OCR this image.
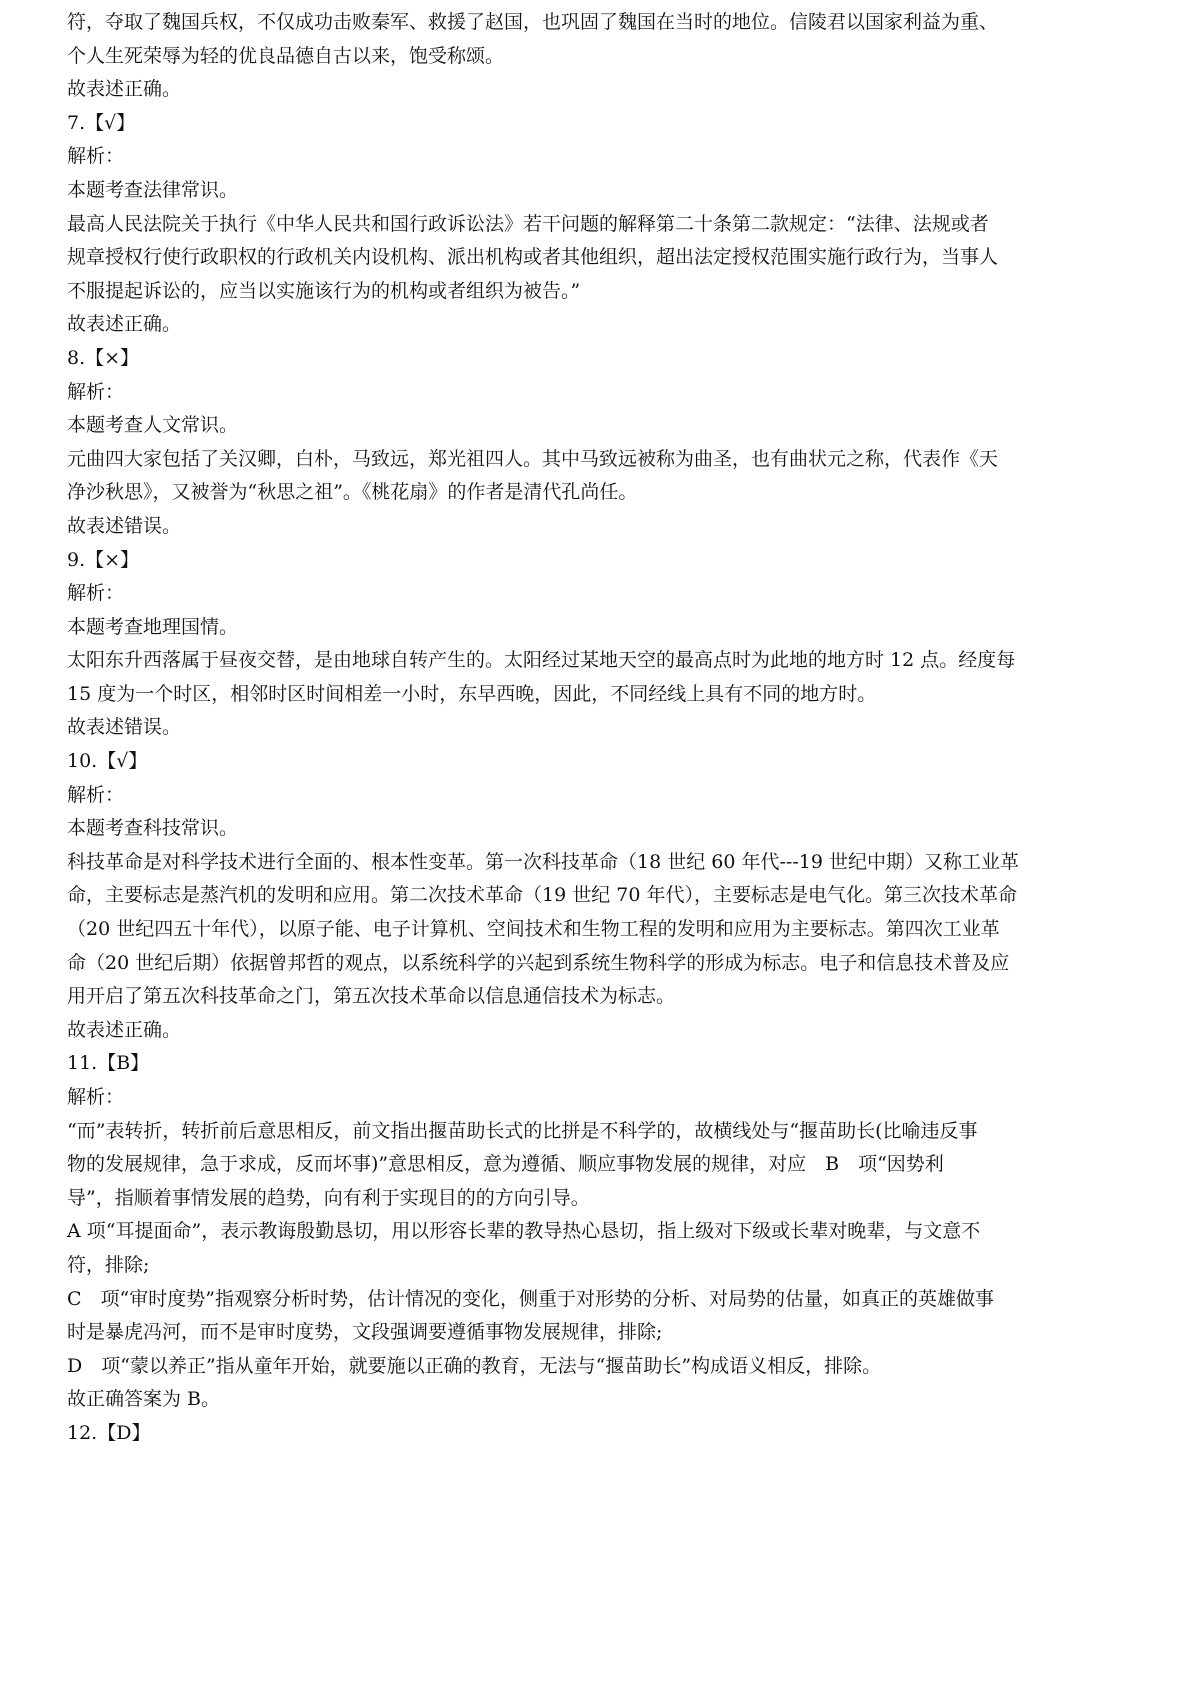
符，夺取了魏国兵权，不仅成功击败秦军、救援了赵国，也巩固了魏国在当时的地位。信陵君以国家利益为重、
个人生死荣辱为轻的优良品德自古以来，饱受称颂。
故表述正确。
7.【√】
解析：
本题考查法律常识。
最高人民法院关于执行《中华人民共和国行政诉讼法》若干问题的解释第二十条第二款规定：“法律、法规或者
规章授权行使行政职权的行政机关内设机构、派出机构或者其他组织，超出法定授权范围实施行政行为，当事人
不服提起诉讼的，应当以实施该行为的机构或者组织为被告。”
故表述正确。
8.【×】
解析：
本题考查人文常识。
元曲四大家包括了关汉卿，白朴，马致远，郑光祖四人。其中马致远被称为曲圣，也有曲状元之称，代表作《天
净沙秋思》，又被誉为“秋思之祖”。《桃花扇》的作者是清代孔尚任。
故表述错误。
9.【×】
解析：
本题考查地理国情。
太阳东升西落属于昼夜交替，是由地球自转产生的。太阳经过某地天空的最高点时为此地的地方时 12 点。经度每
15 度为一个时区，相邻时区时间相差一小时，东早西晚，因此，不同经线上具有不同的地方时。
故表述错误。
10.【√】
解析：
本题考查科技常识。
科技革命是对科学技术进行全面的、根本性变革。第一次科技革命（18 世纪 60 年代---19 世纪中期）又称工业革
命，主要标志是蒸汽机的发明和应用。第二次技术革命（19 世纪 70 年代），主要标志是电气化。第三次技术革命
（20 世纪四五十年代），以原子能、电子计算机、空间技术和生物工程的发明和应用为主要标志。第四次工业革
命（20 世纪后期）依据曾邦哲的观点，以系统科学的兴起到系统生物科学的形成为标志。电子和信息技术普及应
用开启了第五次科技革命之门，第五次技术革命以信息通信技术为标志。
故表述正确。
11.【B】
解析：
“而”表转折，转折前后意思相反，前文指出揠苗助长式的比拼是不科学的，故横线处与“揠苗助长(比喻违反事
物的发展规律，急于求成，反而坏事)”意思相反，意为遵循、顺应事物发展的规律，对应　B　项“因势利
导”，指顺着事情发展的趋势，向有利于实现目的的方向引导。
A 项“耳提面命”，表示教诲殷勤恳切，用以形容长辈的教导热心恳切，指上级对下级或长辈对晚辈，与文意不
符，排除;
C　项“审时度势”指观察分析时势，估计情况的变化，侧重于对形势的分析、对局势的估量，如真正的英雄做事
时是暴虎冯河，而不是审时度势，文段强调要遵循事物发展规律，排除;
D　项“蒙以养正”指从童年开始，就要施以正确的教育，无法与“揠苗助长”构成语义相反，排除。
故正确答案为 B。
12.【D】
